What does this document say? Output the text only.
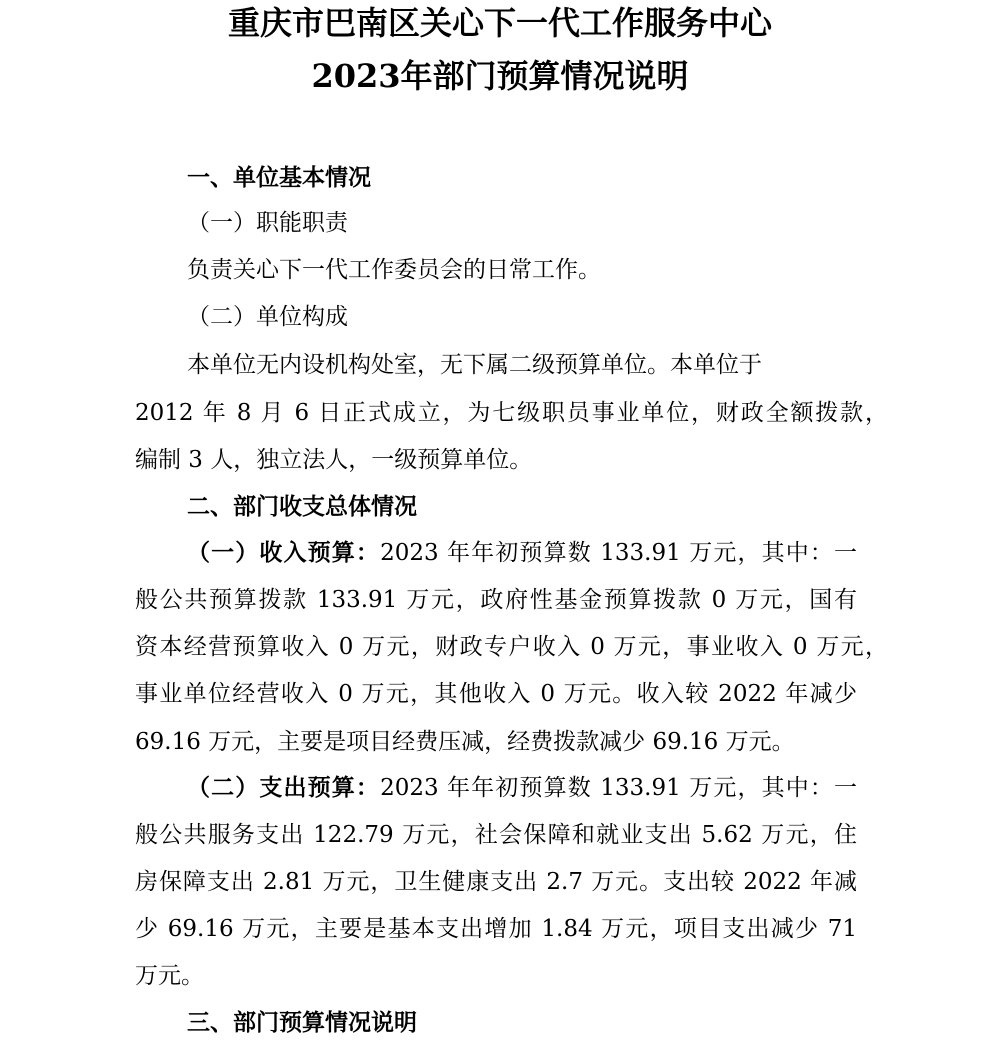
重庆市巴南区关心下一代工作服务中心
2023年部门预算情况说明

一、单位基本情况

（一）职能职责

负责关心下一代工作委员会的日常工作。

（二）单位构成

本单位无内设机构处室，无下属二级预算单位。本单位于

2012 年 8 月 6 日正式成立，为七级职员事业单位，财政全额拨款，

编制 3 人，独立法人，一级预算单位。

二、部门收支总体情况

（一）收入预算：2023 年年初预算数 133.91 万元，其中：一

般公共预算拨款 133.91 万元，政府性基金预算拨款 0 万元，国有

资本经营预算收入 0 万元，财政专户收入 0 万元，事业收入 0 万元，

事业单位经营收入 0 万元，其他收入 0 万元。收入较 2022 年减少

69.16 万元，主要是项目经费压减，经费拨款减少 69.16 万元。

（二）支出预算：2023 年年初预算数 133.91 万元，其中：一

般公共服务支出 122.79 万元，社会保障和就业支出 5.62 万元，住

房保障支出 2.81 万元，卫生健康支出 2.7 万元。支出较 2022 年减

少 69.16 万元，主要是基本支出增加 1.84 万元，项目支出减少 71

万元。

三、部门预算情况说明
